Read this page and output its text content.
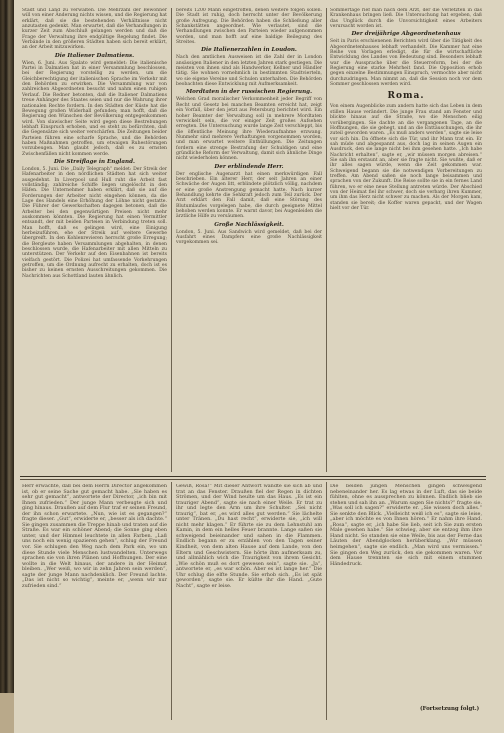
Stadt und Land zu verwalten. Die Mehrzahl der Bewohner will von einer Änderung nichts wissen, und die Regierung hat erklärt, daß sie die bestehenden Verhältnisse nicht anzutasten gedenkt. Man erwartet, daß die Verhandlungen in kurzer Zeit zum Abschluß gelangen werden und daß die Frage der Verwaltung ihre endgültige Regelung findet. Die Verbände in den größeren Städten haben sich bereit erklärt, an der Arbeit mitzuwirken.
Die Italiener Dalmatiens.
Wien, 6. Juni. Aus Spalato wird gemeldet: Die italienische Partei in Dalmatien hat in einer Versammlung beschlossen, bei der Regierung vorstellig zu werden, um die Gleichberechtigung der italienischen Sprache im Verkehr mit den Behörden zu erwirken. Die Versammlung war von zahlreichen Abgeordneten besucht und nahm einen ruhigen Verlauf. Die Redner betonten, daß die Italiener Dalmatiens treue Anhänger des Staates seien und nur die Wahrung ihrer nationalen Rechte fordern. In den Städten der Küste hat die Bewegung großen Widerhall gefunden; man hofft, daß die Regierung den Wünschen der Bevölkerung entgegenkommen wird. Von slawischer Seite wird gegen diese Bestrebungen lebhaft Einspruch erhoben, und es steht zu befürchten, daß die Gegensätze sich weiter verschärfen. Die Zeitungen beider Parteien führen eine scharfe Sprache, und die Behörden haben Maßnahmen getroffen, um etwaigen Ruhestörungen vorzubeugen. Man glaubt jedoch, daß es zu ernsten Zwischenfällen nicht kommen werde.
Die Streiflage in England.
London, 5. Juni. Die „Daily Telegraph“ meldet: Der Streik der Hafenarbeiter in den nördlichen Städten hat sich weiter ausgedehnt. In Liverpool und Hull ruht die Arbeit fast vollständig; zahlreiche Schiffe liegen ungelöscht in den Häfen. Die Unternehmer haben erklärt, daß sie auf die Forderungen der Arbeiter nicht eingehen können, da die Lage des Handels eine Erhöhung der Löhne nicht gestatte. Die Führer der Gewerkschaften dagegen betonen, daß die Arbeiter bei den gegenwärtigen Preisen nicht mehr auskommen könnten. Die Regierung hat einen Vermittler entsandt, der mit beiden Parteien in Verbindung treten soll. Man hofft, daß es gelingen wird, eine Einigung herbeizuführen, ehe der Streik auf weitere Gewerbe übergreift. In den Kohlenrevieren herrscht große Erregung; die Bergleute haben Versammlungen abgehalten, in denen beschlossen wurde, die Hafenarbeiter mit allen Mitteln zu unterstützen. Der Verkehr auf den Eisenbahnen ist bereits vielfach gestört. Die Polizei hat umfassende Vorkehrungen getroffen, um die Ordnung aufrecht zu erhalten, doch ist es bisher zu keinen ernsten Ausschreitungen gekommen. Die Nachrichten aus Schottland lauten ähnlich.
bereits 1200 Mann eingetroffen, denen weitere folgen sollen. Die Stadt ist ruhig, doch herrscht unter der Bevölkerung große Aufregung. Die Behörden haben die Schließung aller Schankstätten angeordnet. Wie verlautet, sind die Verhandlungen zwischen den Parteien wieder aufgenommen worden, und man hofft auf eine baldige Beilegung des Streites.
Die Italienerzahlen in Loudon.
Nach den amtlichen Ausweisen ist die Zahl der in London ansässigen Italiener in den letzten Jahren stark gestiegen. Die meisten von ihnen sind als Handwerker, Kellner und Händler tätig. Sie wohnen vornehmlich in bestimmten Stadtvierteln, wo sie eigene Vereine und Schulen unterhalten. Die Behörden beobachten diese Entwicklung mit Aufmerksamkeit.
Mordtaten in der russischen Regierung.
Welchen Grad moralischer Verkommenheit jeder Begriff von Recht und Gesetz bei manchen Beamten erreicht hat, zeigt ein Vorfall, über den jetzt aus Petersburg berichtet wird. Ein hoher Beamter der Verwaltung soll in mehrere Mordtaten verwickelt sein, die vor einiger Zeit großes Aufsehen erregten. Die Untersuchung wurde lange Zeit verschleppt, bis die öffentliche Meinung ihre Wiederaufnahme erzwang. Nunmehr sind mehrere Verhaftungen vorgenommen worden, und man erwartet weitere Enthüllungen. Die Zeitungen fordern eine strenge Bestrafung der Schuldigen und eine gründliche Reform der Verwaltung, damit sich ähnliche Dinge nicht wiederholen können.
Der erblindende Herr.
Der englische Augenarzt hat einen merkwürdigen Fall beschrieben. Ein älterer Herr, der seit Jahren an einer Schwäche der Augen litt, erblindete plötzlich völlig, nachdem er eine große Anstrengung gemacht hatte. Nach kurzer Behandlung kehrte die Sehkraft jedoch zum Teil zurück. Der Arzt erklärt den Fall damit, daß eine Störung des Blutumlaufes vorgelegen habe, die durch geeignete Mittel behoben werden konnte. Er warnt davor, bei Augenleiden die ärztliche Hilfe zu versäumen.
Große Nachlässigkeit.
London, 5. Juni. Aus Sandwich wird gemeldet, daß bei der Ausfahrt eines Dampfers eine große Nachlässigkeit vorgekommen sei.
Sommertage rief man nach dem Arzt, der die Verletzten in das Krankenhaus bringen ließ. Die Untersuchung hat ergeben, daß das Unglück durch die Unvorsichtigkeit eines Arbeiters verursacht worden ist.
Der dreijährige Abgeordnetenhaus
Seit in Paris erschienenen Berichten wird über die Tätigkeit des Abgeordnetenhauses lebhaft verhandelt. Die Kammer hat eine Reihe von Vorlagen erledigt, die für die wirtschaftliche Entwicklung des Landes von Bedeutung sind. Besonders lebhaft war die Aussprache über die Steuerreform, bei der die Regierung eine starke Mehrheit fand. Die Opposition erhob gegen einzelne Bestimmungen Einspruch, vermochte aber nicht durchzudringen. Man nimmt an, daß die Session noch vor dem Sommer geschlossen werden wird.
Roma.
Von einem Augenblicke zum andern hatte sich das Leben in dem stillen Hause verändert. Die junge Frau stand am Fenster und blickte hinaus auf die Straße, wo die Menschen eilig vorübergingen. Sie dachte an die vergangenen Tage, an die Hoffnungen, die sie gehegt, und an die Enttäuschungen, die ihr zuteil geworden waren. „Es muß anders werden“, sagte sie leise vor sich hin. Da öffnete sich die Tür, und ihr Mann trat ein. Er sah müde und abgespannt aus, doch lag in seinen Augen ein Ausdruck, den sie lange nicht bei ihm gesehen hatte. „Ich habe Nachricht erhalten“, sagte er, „wir müssen morgen abreisen.“ Sie sah ihn erstaunt an, aber sie fragte nicht. Sie wußte, daß er ihr alles sagen würde, wenn die Zeit gekommen war. Schweigend begann sie die notwendigen Vorbereitungen zu treffen. Am Abend saßen sie noch lange beisammen und sprachen von der Zukunft. Die Reise sollte sie in ein fernes Land führen, wo er eine neue Stellung antreten würde. Der Abschied von der Heimat fiel ihr schwer, doch sie verbarg ihren Kummer, um ihm das Herz nicht schwer zu machen. Als der Morgen kam, standen sie bereit; die Koffer waren gepackt, und der Wagen hielt vor der Tür.
Herr erwachte, daß bei dem Herrn Director angekommen ist, ob er seine Sache gut gemacht habe. „Sie haben es sehr gut gemacht“, antwortete der Director, „ich bin mit Ihnen zufrieden.“ Der junge Mann verbeugte sich und ging hinaus. Draußen auf dem Flur traf er seinen Freund, der ihn schon erwartete. „Nun, wie ist es gegangen?“ fragte dieser. „Gut“, erwiderte er, „besser als ich dachte.“ Sie gingen zusammen die Treppe hinab und traten auf die Straße. Es war ein schöner Abend; die Sonne ging eben unter, und der Himmel leuchtete in allen Farben. „Laß uns noch ein wenig spazieren gehen“, schlug der Freund vor. Sie schlugen den Weg nach dem Park ein, wo um diese Stunde viele Menschen lustwandelten. Unterwegs sprachen sie von ihren Plänen und Hoffnungen. Der eine wollte in die Welt hinaus, der andere in der Heimat bleiben. „Wer weiß, wo wir in zehn Jahren sein werden“, sagte der junge Mann nachdenklich. Der Freund lachte. „Das ist nicht so wichtig“, meinte er, „wenn wir nur zufrieden sind.“
Gewiß, Rosa!“ Mit dieser Antwort wandte sie sich ab und trat an das Fenster. Draußen fiel der Regen in dichten Strömen, und der Wind heulte um das Haus. „Es ist ein trauriger Abend“, sagte sie nach einer Weile. Er trat zu ihr und legte den Arm um ihre Schulter. „Sei nicht traurig“, bat er, „es wird alles gut werden.“ Sie lächelte unter Tränen. „Du hast recht“, erwiderte sie, „ich will nicht mehr klagen.“ Er führte sie zu dem Lehnstuhl am Kamin, in dem ein helles Feuer brannte. Lange saßen sie schweigend beieinander und sahen in die Flammen. Endlich begann er zu erzählen von den Tagen seiner Kindheit, von dem alten Hause auf dem Lande, von den Eltern und Geschwistern. Sie hörte ihm aufmerksam zu, und allmählich wich die Traurigkeit von ihrem Gesicht. „Wie schön muß es dort gewesen sein“, sagte sie. „Ja“, antwortete er, „es war schön. Aber es ist lange her.“ Die Uhr schlug die elfte Stunde. Sie erhob sich. „Es ist spät geworden“, sagte sie. Er küßte ihr die Hand. „Gute Nacht“, sagte er leise.
Die beiden jungen Menschen gingen schweigend nebeneinander her. Es lag etwas in der Luft, das sie beide fühlten, ohne es aussprechen zu können. Endlich blieb sie stehen und sah ihn an. „Warum sagen Sie nichts?“ fragte sie. „Was soll ich sagen?“ erwiderte er. „Sie wissen doch alles.“ Sie senkte den Blick. „Vielleicht weiß ich es“, sagte sie leise, „aber ich möchte es von Ihnen hören.“ Er nahm ihre Hand. „Rosa“, sagte er, „ich habe Sie lieb, seit ich Sie zum ersten Male gesehen habe.“ Sie schwieg, aber sie entzog ihm ihre Hand nicht. So standen sie eine Weile, bis aus der Ferne das Läuten der Abendglocken herüberklang. „Wir müssen heimgehen“, sagte sie endlich. „Man wird uns vermissen.“ Sie gingen den Weg zurück, den sie gekommen waren. Vor dem Hause trennten sie sich mit einem stummen Händedruck.
(Fortsetzung folgt.)
